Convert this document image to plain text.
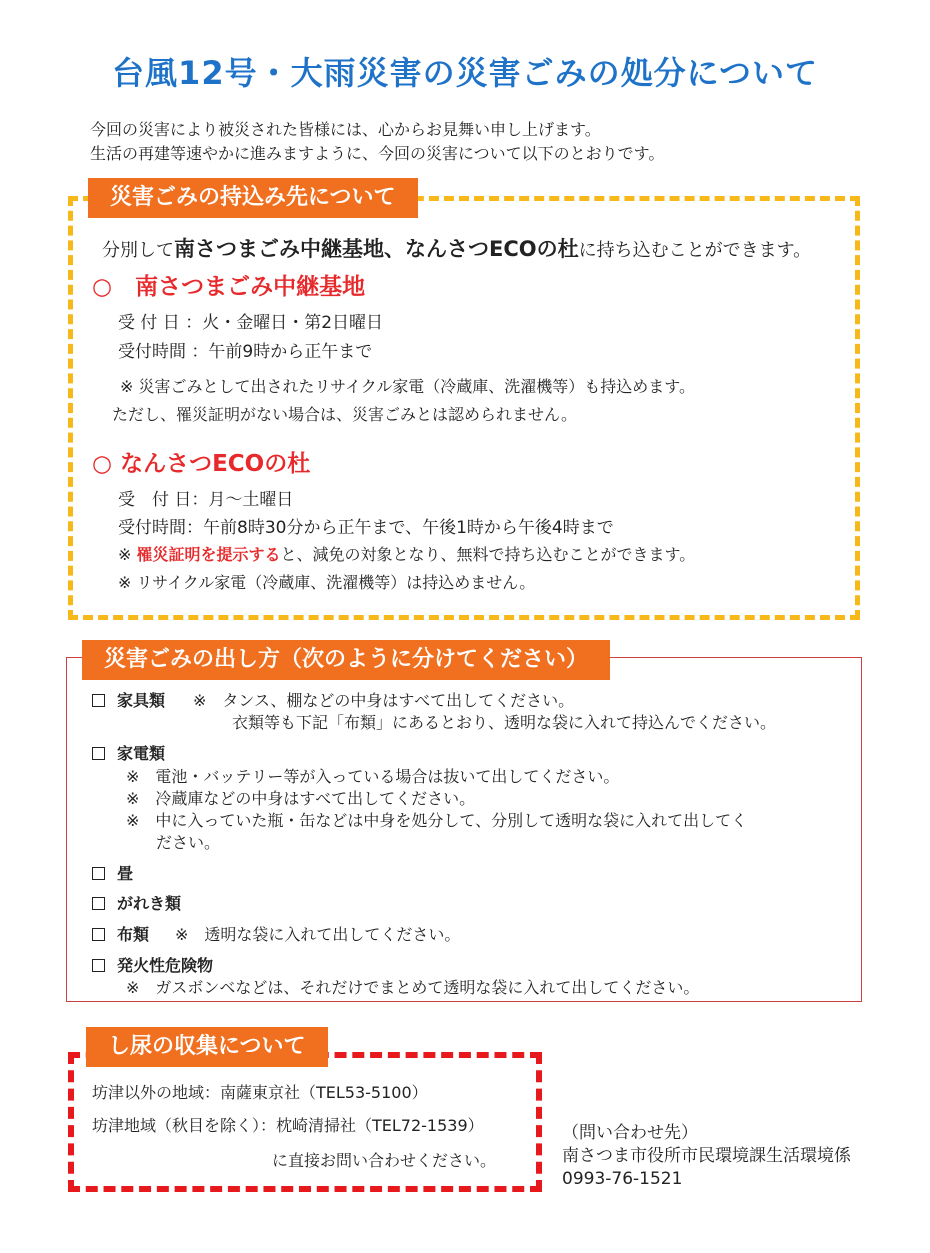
台風12号・大雨災害の災害ごみの処分について
今回の災害により被災された皆様には、心からお見舞い申し上げます。
生活の再建等速やかに進みますように、今回の災害について以下のとおりです。
災害ごみの持込み先について
分別して南さつまごみ中継基地、なんさつECOの杜に持ち込むことができます。
○　南さつまごみ中継基地
受 付 日 ：火・金曜日・第2日曜日
受付時間 ：午前9時から正午まで
※ 災害ごみとして出されたリサイクル家電（冷蔵庫、洗濯機等）も持込めます。
ただし、罹災証明がない場合は、災害ごみとは認められません。
○ なんさつECOの杜
受　付 日：月～土曜日
受付時間：午前8時30分から正午まで、午後1時から午後4時まで
※ 罹災証明を提示すると、減免の対象となり、無料で持ち込むことができます。
※ リサイクル家電（冷蔵庫、洗濯機等）は持込めません。
災害ごみの出し方（次のように分けてください）
家具類 ※　タンス、棚などの中身はすべて出してください。
衣類等も下記「布類」にあるとおり、透明な袋に入れて持込んでください。
家電類
※　電池・バッテリー等が入っている場合は抜いて出してください。
※　冷蔵庫などの中身はすべて出してください。
※　中に入っていた瓶・缶などは中身を処分して、分別して透明な袋に入れて出してく
ださい。
畳
がれき類
布類 ※　透明な袋に入れて出してください。
発火性危険物
※　ガスボンベなどは、それだけでまとめて透明な袋に入れて出してください。
し尿の収集について
坊津以外の地域：南薩東京社（TEL53-5100）
坊津地域（秋目を除く）：枕崎清掃社（TEL72-1539）
に直接お問い合わせください。
（問い合わせ先）
南さつま市役所市民環境課生活環境係
0993-76-1521
